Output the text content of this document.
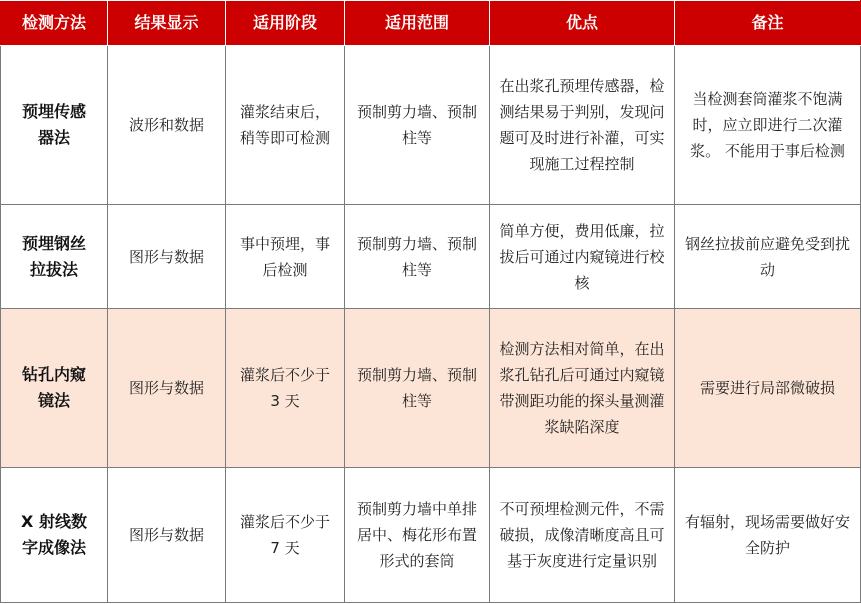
检测方法	结果显示	适用阶段	适用范围	优点	备注

预埋传感器法	波形和数据	灌浆结束后，稍等即可检测	预制剪力墙、预制柱等	在出浆孔预埋传感器，检测结果易于判别，发现问题可及时进行补灌，可实现施工过程控制	当检测套筒灌浆不饱满时，应立即进行二次灌浆。 不能用于事后检测

预埋钢丝拉拔法	图形与数据	事中预埋，事后检测	预制剪力墙、预制柱等	简单方便，费用低廉，拉拔后可通过内窥镜进行校核	钢丝拉拔前应避免受到扰动

钻孔内窥镜法	图形与数据	灌浆后不少于 3 天	预制剪力墙、预制柱等	检测方法相对简单，在出浆孔钻孔后可通过内窥镜带测距功能的探头量测灌浆缺陷深度	需要进行局部微破损

X 射线数字成像法	图形与数据	灌浆后不少于 7 天	预制剪力墙中单排居中、梅花形布置形式的套筒	不可预埋检测元件，不需破损，成像清晰度高且可基于灰度进行定量识别	有辐射，现场需要做好安全防护
